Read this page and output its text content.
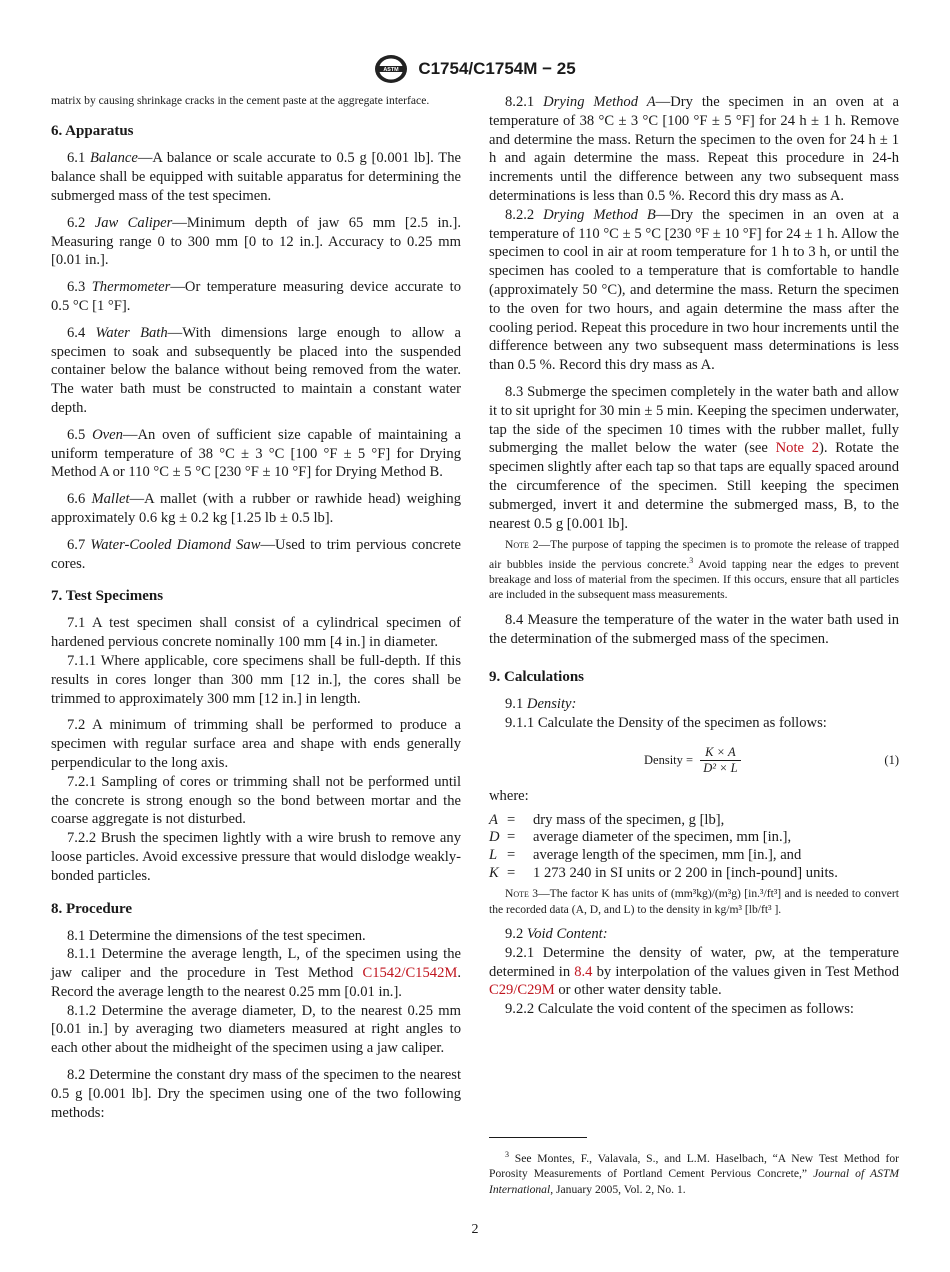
ASTM C1754/C1754M − 25

matrix by causing shrinkage cracks in the cement paste at the aggregate interface.

6. Apparatus

6.1 Balance—A balance or scale accurate to 0.5 g [0.001 lb]. The balance shall be equipped with suitable apparatus for determining the submerged mass of the test specimen.

6.2 Jaw Caliper—Minimum depth of jaw 65 mm [2.5 in.]. Measuring range 0 to 300 mm [0 to 12 in.]. Accuracy to 0.25 mm [0.01 in.].

6.3 Thermometer—Or temperature measuring device accurate to 0.5 °C [1 °F].

6.4 Water Bath—With dimensions large enough to allow a specimen to soak and subsequently be placed into the suspended container below the balance without being removed from the water. The water bath must be constructed to maintain a constant water depth.

6.5 Oven—An oven of sufficient size capable of maintaining a uniform temperature of 38 °C ± 3 °C [100 °F ± 5 °F] for Drying Method A or 110 °C ± 5 °C [230 °F ± 10 °F] for Drying Method B.

6.6 Mallet—A mallet (with a rubber or rawhide head) weighing approximately 0.6 kg ± 0.2 kg [1.25 lb ± 0.5 lb].

6.7 Water-Cooled Diamond Saw—Used to trim pervious concrete cores.

7. Test Specimens

7.1 A test specimen shall consist of a cylindrical specimen of hardened pervious concrete nominally 100 mm [4 in.] in diameter.

7.1.1 Where applicable, core specimens shall be full-depth. If this results in cores longer than 300 mm [12 in.], the cores shall be trimmed to approximately 300 mm [12 in.] in length.

7.2 A minimum of trimming shall be performed to produce a specimen with regular surface area and shape with ends generally perpendicular to the long axis.

7.2.1 Sampling of cores or trimming shall not be performed until the concrete is strong enough so the bond between mortar and the coarse aggregate is not disturbed.

7.2.2 Brush the specimen lightly with a wire brush to remove any loose particles. Avoid excessive pressure that would dislodge weakly-bonded particles.

8. Procedure

8.1 Determine the dimensions of the test specimen.

8.1.1 Determine the average length, L, of the specimen using the jaw caliper and the procedure in Test Method C1542/C1542M. Record the average length to the nearest 0.25 mm [0.01 in.].

8.1.2 Determine the average diameter, D, to the nearest 0.25 mm [0.01 in.] by averaging two diameters measured at right angles to each other about the midheight of the specimen using a jaw caliper.

8.2 Determine the constant dry mass of the specimen to the nearest 0.5 g [0.001 lb]. Dry the specimen using one of the two following methods:

8.2.1 Drying Method A—Dry the specimen in an oven at a temperature of 38 °C ± 3 °C [100 °F ± 5 °F] for 24 h ± 1 h. Remove and determine the mass. Return the specimen to the oven for 24 h ± 1 h and again determine the mass. Repeat this procedure in 24-h increments until the difference between any two subsequent mass determinations is less than 0.5 %. Record this dry mass as A.

8.2.2 Drying Method B—Dry the specimen in an oven at a temperature of 110 °C ± 5 °C [230 °F ± 10 °F] for 24 ± 1 h. Allow the specimen to cool in air at room temperature for 1 h to 3 h, or until the specimen has cooled to a temperature that is comfortable to handle (approximately 50 °C), and determine the mass. Return the specimen to the oven for two hours, and again determine the mass after the cooling period. Repeat this procedure in two hour increments until the difference between any two subsequent mass determinations is less than 0.5 %. Record this dry mass as A.

8.3 Submerge the specimen completely in the water bath and allow it to sit upright for 30 min ± 5 min. Keeping the specimen underwater, tap the side of the specimen 10 times with the rubber mallet, fully submerging the mallet below the water (see Note 2). Rotate the specimen slightly after each tap so that taps are equally spaced around the circumference of the specimen. Still keeping the specimen submerged, invert it and determine the submerged mass, B, to the nearest 0.5 g [0.001 lb].

Note 2—The purpose of tapping the specimen is to promote the release of trapped air bubbles inside the pervious concrete.$^3$ Avoid tapping near the edges to prevent breakage and loss of material from the specimen. If this occurs, ensure that all particles are included in the subsequent mass measurements.

8.4 Measure the temperature of the water in the water bath used in the determination of the submerged mass of the specimen.

9. Calculations

9.1 Density:

9.1.1 Calculate the Density of the specimen as follows:

Density = $\frac{K \times A}{\text{D² × L}}$	(1)

where:

A =	dry mass of the specimen, g [lb],
D =	average diameter of the specimen, mm [in.],
L =	average length of the specimen, mm [in.], and
K =	1 273 240 in SI units or 2 200 in [inch-pound] units.

Note 3—The factor K has units of (mm³kg)/(m³g) [in.³/ft³] and is needed to convert the recorded data (A, D, and L) to the density in kg/m³ [lb/ft³ ].

9.2 Void Content:

9.2.1 Determine the density of water, ρw, at the temperature determined in 8.4 by interpolation of the values given in Test Method C29/C29M or other water density table.

9.2.2 Calculate the void content of the specimen as follows:

$^3$ See Montes, F., Valavala, S., and L.M. Haselbach, “A New Test Method for Porosity Measurements of Portland Cement Pervious Concrete,” Journal of ASTM International, January 2005, Vol. 2, No. 1.

2
